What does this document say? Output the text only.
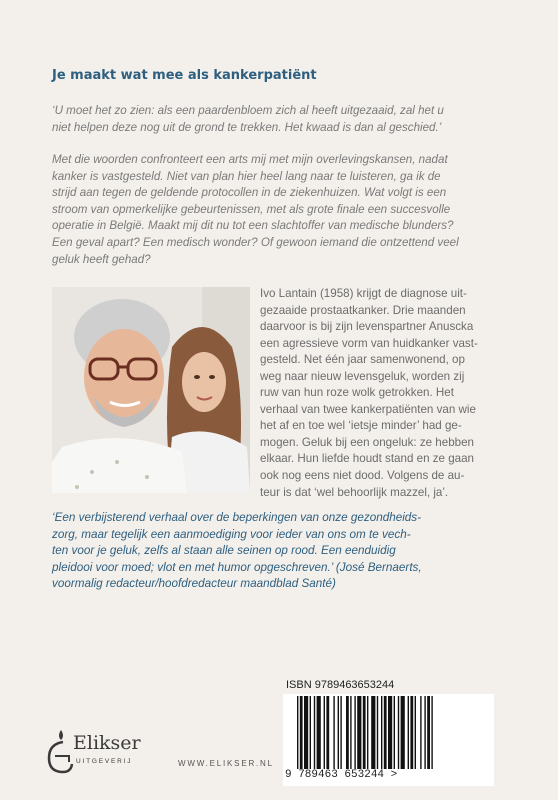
Je maakt wat mee als kankerpatiënt
‘U moet het zo zien: als een paardenbloem zich al heeft uitgezaaid, zal het u
niet helpen deze nog uit de grond te trekken. Het kwaad is dan al geschied.’
Met die woorden confronteert een arts mij met mijn overlevingskansen, nadat
kanker is vastgesteld. Niet van plan hier heel lang naar te luisteren, ga ik de
strijd aan tegen de geldende protocollen in de ziekenhuizen. Wat volgt is een
stroom van opmerkelijke gebeurtenissen, met als grote finale een succesvolle
operatie in België. Maakt mij dit nu tot een slachtoffer van medische blunders?
Een geval apart? Een medisch wonder? Of gewoon iemand die ontzettend veel
geluk heeft gehad?
Ivo Lantain (1958) krijgt de diagnose uit-
gezaaide prostaatkanker. Drie maanden
daarvoor is bij zijn levenspartner Anuscka
een agressieve vorm van huidkanker vast-
gesteld. Net één jaar samenwonend, op
weg naar nieuw levensgeluk, worden zij
ruw van hun roze wolk getrokken. Het
verhaal van twee kankerpatiënten van wie
het af en toe wel ‘ietsje minder’ had ge-
mogen. Geluk bij een ongeluk: ze hebben
elkaar. Hun liefde houdt stand en ze gaan
ook nog eens niet dood. Volgens de au-
teur is dat ‘wel behoorlijk mazzel, ja’.
‘Een verbijsterend verhaal over de beperkingen van onze gezondheids-
zorg, maar tegelijk een aanmoediging voor ieder van ons om te vech-
ten voor je geluk, zelfs al staan alle seinen op rood. Een eenduidig
pleidooi voor moed; vlot en met humor opgeschreven.’ (José Bernaerts,
voormalig redacteur/hoofdredacteur maandblad Santé)
Elikser
UITGEVERIJ	WWW.ELIKSER.NL
ISBN 9789463653244
9 789463 653244 >
